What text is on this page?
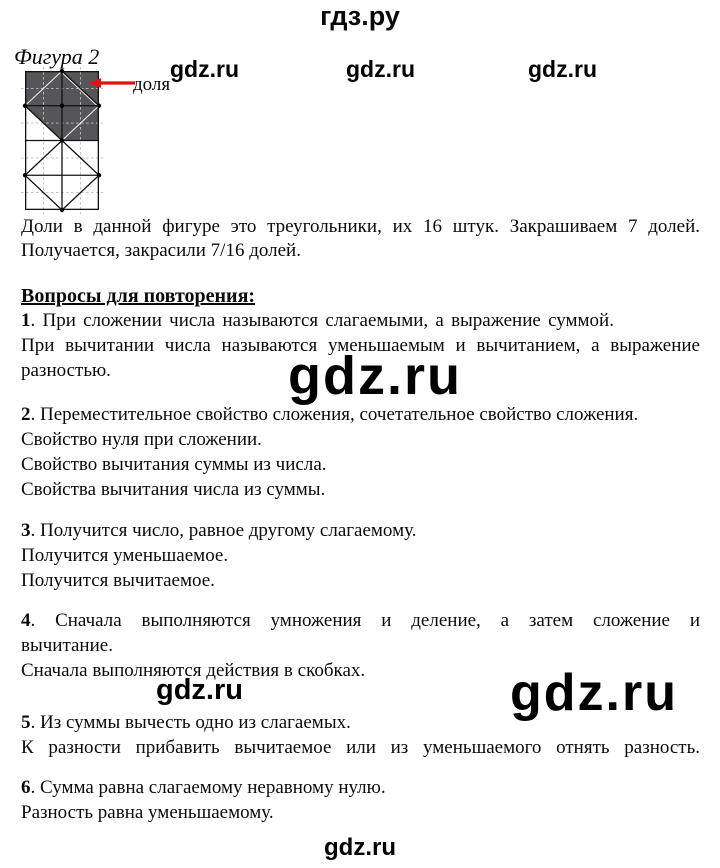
гдз.ру
Фигура 2	gdz.ru	gdz.ru	gdz.ru
доля
Доли в данной фигуре это треугольники, их 16 штук. Закрашиваем 7 долей.
Получается, закрасили 7/16 долей.
Вопросы для повторения:
1. При сложении числа называются слагаемыми, а выражение суммой.
При вычитании числа называются уменьшаемым и вычитанием, а выражение
разностью.	gdz.ru
2. Переместительное свойство сложения, сочетательное свойство сложения.
Свойство нуля при сложении.
Свойство вычитания суммы из числа.
Свойства вычитания числа из суммы.
3. Получится число, равное другому слагаемому.
Получится уменьшаемое.
Получится вычитаемое.
4. Сначала выполняются умножения и деление, а затем сложение и
вычитание.
Сначала выполняются действия в скобках.
gdz.ru	gdz.ru
5. Из суммы вычесть одно из слагаемых.
К разности прибавить вычитаемое или из уменьшаемого отнять разность.
6. Сумма равна слагаемому неравному нулю.
Разность равна уменьшаемому.
gdz.ru
